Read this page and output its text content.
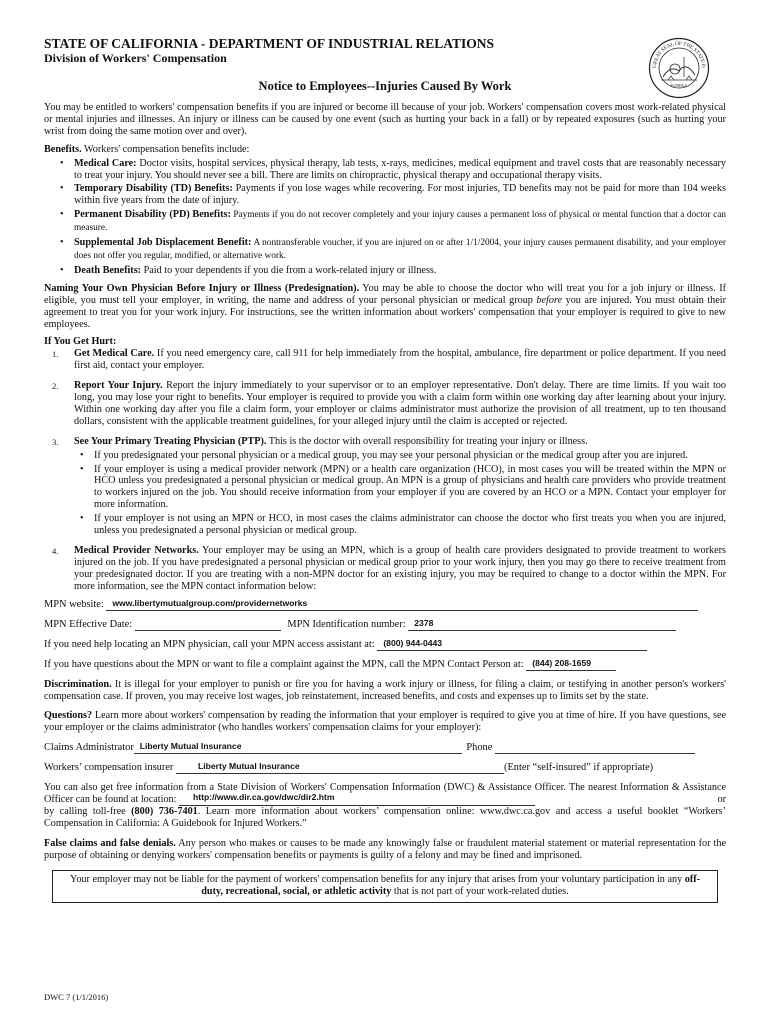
GREAT SEAL OF THE STATE O
EUREKA
STATE OF CALIFORNIA - DEPARTMENT OF INDUSTRIAL RELATIONS
Division of Workers' Compensation
Notice to Employees--Injuries Caused By Work

You may be entitled to workers' compensation benefits if you are injured or become ill because of your job. Workers' compensation covers most work-related physical or mental injuries and illnesses. An injury or illness can be caused by one event (such as hurting your back in a fall) or by repeated exposures (such as hurting your wrist from doing the same motion over and over).

Benefits. Workers' compensation benefits include:

• Medical Care: Doctor visits, hospital services, physical therapy, lab tests, x-rays, medicines, medical equipment and travel costs that are reasonably necessary to treat your injury. You should never see a bill. There are limits on chiropractic, physical therapy and occupational therapy visits.
• Temporary Disability (TD) Benefits: Payments if you lose wages while recovering. For most injuries, TD benefits may not be paid for more than 104 weeks within five years from the date of injury.
• Permanent Disability (PD) Benefits: Payments if you do not recover completely and your injury causes a permanent loss of physical or mental function that a doctor can measure.
• Supplemental Job Displacement Benefit: A nontransferable voucher, if you are injured on or after 1/1/2004, your injury causes permanent disability, and your employer does not offer you regular, modified, or alternative work.
• Death Benefits: Paid to your dependents if you die from a work-related injury or illness.

Naming Your Own Physician Before Injury or Illness (Predesignation). You may be able to choose the doctor who will treat you for a job injury or illness. If eligible, you must tell your employer, in writing, the name and address of your personal physician or medical group before you are injured. You must obtain their agreement to treat you for your work injury. For instructions, see the written information about workers' compensation that your employer is required to give to new employees.

If You Get Hurt:

1. Get Medical Care. If you need emergency care, call 911 for help immediately from the hospital, ambulance, fire department or police department. If you need first aid, contact your employer.

2. Report Your Injury. Report the injury immediately to your supervisor or to an employer representative. Don't delay. There are time limits. If you wait too long, you may lose your right to benefits. Your employer is required to provide you with a claim form within one working day after learning about your injury. Within one working day after you file a claim form, your employer or claims administrator must authorize the provision of all treatment, up to ten thousand dollars, consistent with the applicable treatment guidelines, for your alleged injury until the claim is accepted or rejected.

3. See Your Primary Treating Physician (PTP). This is the doctor with overall responsibility for treating your injury or illness.

• If you predesignated your personal physician or a medical group, you may see your personal physician or the medical group after you are injured.
• If your employer is using a medical provider network (MPN) or a health care organization (HCO), in most cases you will be treated within the MPN or HCO unless you predesignated a personal physician or medical group. An MPN is a group of physicians and health care providers who provide treatment to workers injured on the job. You should receive information from your employer if you are covered by an HCO or a MPN. Contact your employer for more information.
• If your employer is not using an MPN or HCO, in most cases the claims administrator can choose the doctor who first treats you when you are injured, unless you predesignated a personal physician or medical group.
4. Medical Provider Networks. Your employer may be using an MPN, which is a group of health care providers designated to provide treatment to workers injured on the job. If you have predesignated a personal physician or medical group prior to your work injury, then you may go there to receive treatment from your predesignated doctor. If you are treating with a non-MPN doctor for an existing injury, you may be required to change to a doctor within the MPN. For more information, see the MPN contact information below:

MPN website: www.libertymutualgroup.com/providernetworks
MPN Effective Date:	MPN Identification number: 2378
If you need help locating an MPN physician, call your MPN access assistant at: (800) 944-0443
If you have questions about the MPN or want to file a complaint against the MPN, call the MPN Contact Person at: (844) 208-1659

Discrimination. It is illegal for your employer to punish or fire you for having a work injury or illness, for filing a claim, or testifying in another person's workers' compensation case. If proven, you may receive lost wages, job reinstatement, increased benefits, and costs and expenses up to limits set by the state.

Questions? Learn more about workers' compensation by reading the information that your employer is required to give you at time of hire. If you have questions, see your employer or the claims administrator (who handles workers' compensation claims for your employer):

Claims Administrator Liberty Mutual Insurance	Phone
Workers’ compensation insurer	Liberty Mutual Insurance	(Enter “self-insured” if appropriate)

You can also get free information from a State Division of Workers' Compensation Information (DWC) & Assistance Officer. The nearest Information & Assistance Officer can be found at location: http://www.dir.ca.gov/dwc/dir2.htm	or

by calling toll-free (800) 736-7401. Learn more information about workers’ compensation online: www.dwc.ca.gov and access a useful booklet “Workers’ Compensation in California: A Guidebook for Injured Workers.”

False claims and false denials. Any person who makes or causes to be made any knowingly false or fraudulent material statement or material representation for the purpose of obtaining or denying workers' compensation benefits or payments is guilty of a felony and may be fined and imprisoned.

Your employer may not be liable for the payment of workers' compensation benefits for any injury that arises from your voluntary participation in any off-duty, recreational, social, or athletic activity that is not part of your work-related duties.
DWC 7 (1/1/2016)
